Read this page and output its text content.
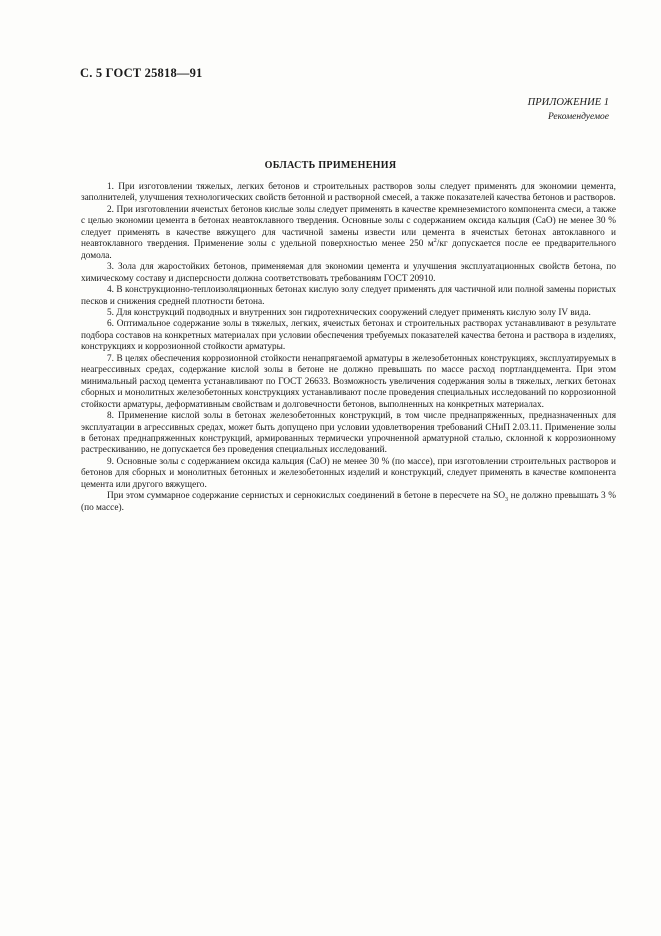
С. 5 ГОСТ 25818—91
ПРИЛОЖЕНИЕ 1
Рекомендуемое
ОБЛАСТЬ ПРИМЕНЕНИЯ

1. При изготовлении тяжелых, легких бетонов и строительных растворов золы следует применять для экономии цемента, заполнителей, улучшения технологических свойств бетонной и растворной смесей, а также показателей качества бетонов и растворов.

2. При изготовлении ячеистых бетонов кислые золы следует применять в качестве кремнеземистого компонента смеси, а также с целью экономии цемента в бетонах неавтоклавного твердения. Основные золы с содержанием оксида кальция (СаО) не менее 30 % следует применять в качестве вяжущего для частичной замены извести или цемента в ячеистых бетонах автоклавного и неавтоклавного твердения. Применение золы с удельной поверхностью менее 250 $м^2/кг$ допускается после ее предварительного домола.

3. Зола для жаростойких бетонов, применяемая для экономии цемента и улучшения эксплуатационных свойств бетона, по химическому составу и дисперсности должна соответствовать требованиям ГОСТ 20910.

4. В конструкционно-теплоизоляционных бетонах кислую золу следует применять для частичной или полной замены пористых песков и снижения средней плотности бетона.

5. Для конструкций подводных и внутренних зон гидротехнических сооружений следует применять кислую золу IV вида.

6. Оптимальное содержание золы в тяжелых, легких, ячеистых бетонах и строительных растворах устанавливают в результате подбора составов на конкретных материалах при условии обеспечения требуемых показателей качества бетона и раствора в изделиях, конструкциях и коррозионной стойкости арматуры.

7. В целях обеспечения коррозионной стойкости ненапрягаемой арматуры в железобетонных конструкциях, эксплуатируемых в неагрессивных средах, содержание кислой золы в бетоне не должно превышать по массе расход портландцемента. При этом минимальный расход цемента устанавливают по ГОСТ 26633. Возможность увеличения содержания золы в тяжелых, легких бетонах сборных и монолитных железобетонных конструкциях устанавливают после проведения специальных исследований по коррозионной стойкости арматуры, деформативным свойствам и долговечности бетонов, выполненных на конкретных материалах.

8. Применение кислой золы в бетонах железобетонных конструкций, в том числе преднапряженных, предназначенных для эксплуатации в агрессивных средах, может быть допущено при условии удовлетворения требований СНиП 2.03.11. Применение золы в бетонах преднапряженных конструкций, армированных термически упрочненной арматурной сталью, склонной к коррозионному растрескиванию, не допускается без проведения специальных исследований.

9. Основные золы с содержанием оксида кальция (СаО) не менее 30 % (по массе), при изготовлении строительных растворов и бетонов для сборных и монолитных бетонных и железобетонных изделий и конструкций, следует применять в качестве компонента цемента или другого вяжущего.

При этом суммарное содержание сернистых и сернокислых соединений в бетоне в пересчете на $SO_3$ не должно превышать 3 % (по массе).
